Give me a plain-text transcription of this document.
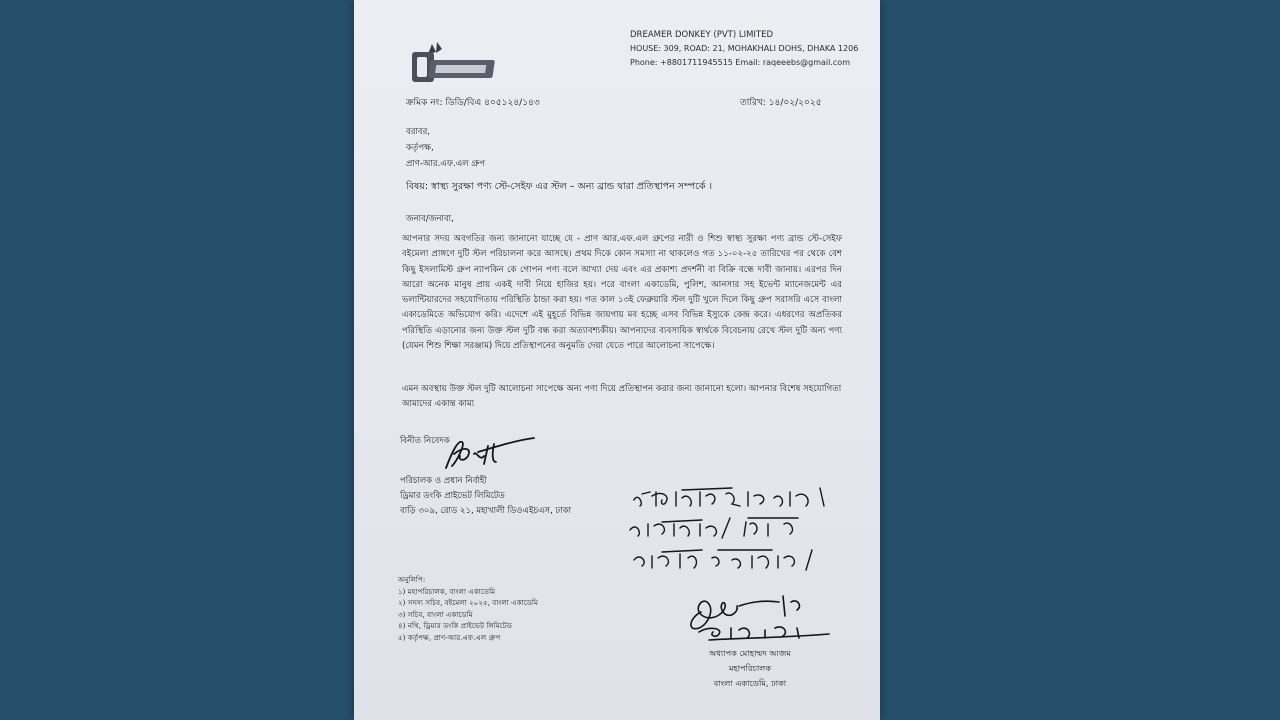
DREAMER DONKEY (PVT) LIMITED
HOUSE: 309, ROAD: 21, MOHAKHALI DOHS, DHAKA 1206
Phone: +8801711945515 Email: raqeeebs@gmail.com
ক্রমিক নং: ডিডি/বিএ ৪০৫১২৪/১৪৩	তারিখ: ১৪/০২/২০২৫
বরাবর,
কর্তৃপক্ষ,
প্রাণ-আর.এফ.এল গ্রুপ
বিষয়: স্বাস্থ্য সুরক্ষা পণ্য স্টে-সেইফ এর স্টল – অন্য ব্রান্ড দ্বারা প্রতিস্থাপন সম্পর্কে ।
জনাব/জনাবা,
আপনার সদয় অবগতির জন্য জানানো যাচ্ছে যে - প্রাণ আর.এফ.এল গ্রুপের নারী ও শিশু স্বাস্থ্য সুরক্ষা পণ্য ব্রান্ড স্টে-সেইফ বইমেলা প্রাঙ্গণে দুটি স্টল পরিচালনা করে আসছে। প্রথম দিকে কোন সমস্যা না থাকলেও গত ১১-০২-২৫ তারিখের পর থেকে বেশ কিছু ইসলামিস্ট গ্রুপ ন্যাপকিন কে গোপন পণ্য বলে আখ্যা দেয় এবং এর প্রকাশ্য প্রদর্শনী বা বিক্রি বন্ধে দাবী জানায়। এরপর দিন আরো অনেক মানুষ প্রায় একই দাবী নিয়ে হাজির হয়। পরে বাংলা একাডেমি, পুলিশ, আনসার সহ ইভেন্ট ম্যানেজমেন্ট এর ভলান্টিয়ারদের সহযোগিতায় পরিস্থিতি ঠান্ডা করা হয়। গত কাল ১৩ই ফেব্রুয়ারি স্টল দুটি খুলে দিলে কিছু গ্রুপ সরাসরি এসে বাংলা একাডেমিতে অভিযোগ করি। এদেশে এই মুহূর্তে বিভিন্ন জায়গায় মব হচ্ছে এসব বিভিন্ন ইস্যুকে কেন্দ্র করে। এধরণের অপ্রতিকর পরিস্থিতি এড়ানোর জন্য উক্ত স্টল দুটি বন্ধ করা অত্যাবশ্যকীয়। আপনাদের ব্যবসায়িক স্বার্থকে বিবেচনায় রেখে স্টল দুটি অন্য পণ্য (যেমন শিশু শিক্ষা সরঞ্জাম) দিয়ে প্রতিস্থাপনের অনুমতি দেয়া যেতে পারে আলোচনা সাপেক্ষে।
এমন অবস্থায় উক্ত স্টল দুটি আলোচনা সাপেক্ষে অন্য পণ্য দিয়ে প্রতিস্থাপন করার জন্য জানানো হলো। আপনার বিশেষ সহযোগিতা আমাদের একান্ত কাম্য
বিনীত নিবেদক
পরিচালক ও প্রধান নির্বাহী
ড্রিমার ডংকি প্রাইভেট লিমিটেড
বাড়ি ৩০৯, রোড ২১, মহাখালী ডিওএইচএস, ঢাকা
অনুলিপি:
১) মহাপরিচালক, বাংলা একাডেমি
২) সদস্য সচিব, বইমেলা ২০২৫, বাংলা একাডেমি
৩) সচিব, বাংলা একাডেমি
৪) নথি, ড্রিমার ডংকি প্রাইভেট লিমিটেড
৫) কর্তৃপক্ষ, প্রাণ-আর.এফ.এল গ্রুপ
অধ্যাপক মোহাম্মদ আজম
মহাপরিচালক
বাংলা একাডেমি, ঢাকা
